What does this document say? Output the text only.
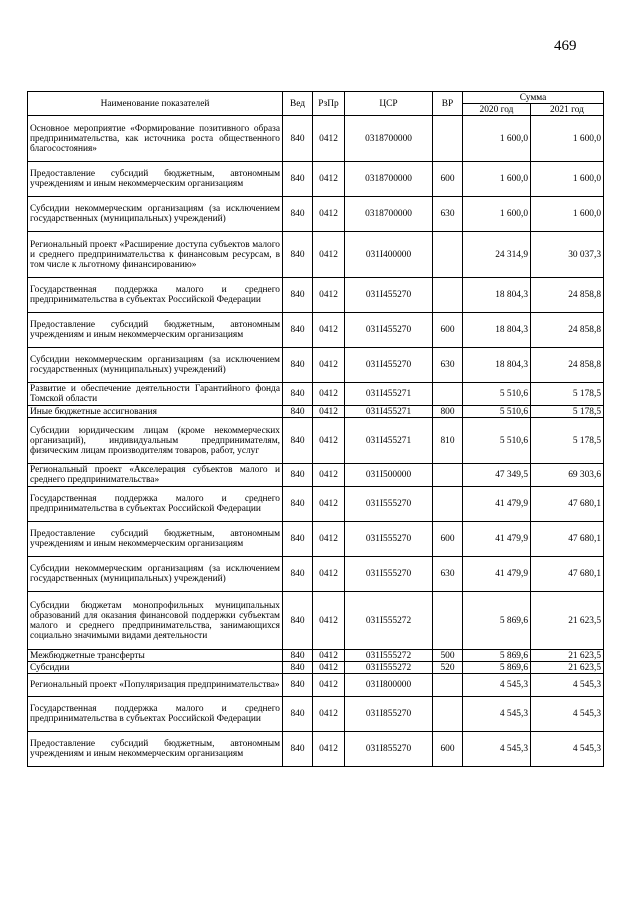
469
Наименование показателей	Вед	РзПр	ЦСР	ВР	Сумма	
					2020 год	2021 год
Основное мероприятие «Формирование позитивного образа предпринимательства, как источника роста общественного благосостояния»	840	0412	0318700000		1 600,0	1 600,0
Предоставление субсидий бюджетным, автономным учреждениям и иным некоммерческим организациям	840	0412	0318700000	600	1 600,0	1 600,0
Субсидии некоммерческим организациям (за исключением государственных (муниципальных) учреждений)	840	0412	0318700000	630	1 600,0	1 600,0
Региональный проект «Расширение доступа субъектов малого и среднего предпринимательства к финансовым ресурсам, в том числе к льготному финансированию»	840	0412	031I400000		24 314,9	30 037,3
Государственная поддержка малого и среднего предпринимательства в субъектах Российской Федерации	840	0412	031I455270		18 804,3	24 858,8
Предоставление субсидий бюджетным, автономным учреждениям и иным некоммерческим организациям	840	0412	031I455270	600	18 804,3	24 858,8
Субсидии некоммерческим организациям (за исключением государственных (муниципальных) учреждений)	840	0412	031I455270	630	18 804,3	24 858,8
Развитие и обеспечение деятельности Гарантийного фонда Томской области	840	0412	031I455271		5 510,6	5 178,5
Иные бюджетные ассигнования	840	0412	031I455271	800	5 510,6	5 178,5
Субсидии юридическим лицам (кроме некоммерческих организаций), индивидуальным предпринимателям, физическим лицам производителям товаров, работ, услуг	840	0412	031I455271	810	5 510,6	5 178,5
Региональный проект «Акселерация субъектов малого и среднего предпринимательства»	840	0412	031I500000		47 349,5	69 303,6
Государственная поддержка малого и среднего предпринимательства в субъектах Российской Федерации	840	0412	031I555270		41 479,9	47 680,1
Предоставление субсидий бюджетным, автономным учреждениям и иным некоммерческим организациям	840	0412	031I555270	600	41 479,9	47 680,1
Субсидии некоммерческим организациям (за исключением государственных (муниципальных) учреждений)	840	0412	031I555270	630	41 479,9	47 680,1
Субсидии бюджетам монопрофильных муниципальных образований для оказания финансовой поддержки субъектам малого и среднего предпринимательства, занимающихся социально значимыми видами деятельности	840	0412	031I555272		5 869,6	21 623,5
Межбюджетные трансферты	840	0412	031I555272	500	5 869,6	21 623,5
Субсидии	840	0412	031I555272	520	5 869,6	21 623,5
Региональный проект «Популяризация предпринимательства»	840	0412	031I800000		4 545,3	4 545,3
Государственная поддержка малого и среднего предпринимательства в субъектах Российской Федерации	840	0412	031I855270		4 545,3	4 545,3
Предоставление субсидий бюджетным, автономным учреждениям и иным некоммерческим организациям	840	0412	031I855270	600	4 545,3	4 545,3
